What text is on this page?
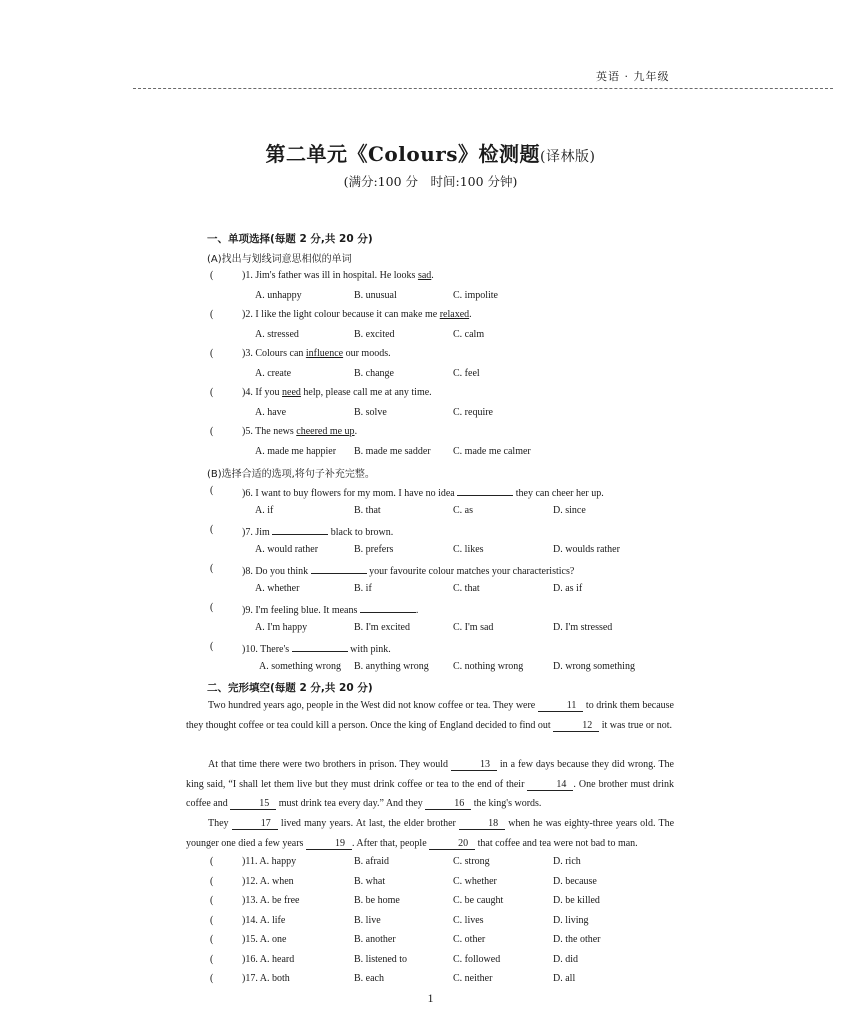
英语 · 九年级
第二单元《Colours》检测题(译林版)
(满分:100 分　时间:100 分钟)
一、单项选择(每题 2 分,共 20 分)
(A)找出与划线词意思相似的单词
(	)1. Jim's father was ill in hospital. He looks sad.
A. unhappy	B. unusual	C. impolite
(	)2. I like the light colour because it can make me relaxed.
A. stressed	B. excited	C. calm
(	)3. Colours can influence our moods.
A. create	B. change	C. feel
(	)4. If you need help, please call me at any time.
A. have	B. solve	C. require
(	)5. The news cheered me up.
A. made me happier B. made me sadder C. made me calmer
(B)选择合适的选项,将句子补充完整。
(	)6. I want to buy flowers for my mom. I have no idea	they can cheer her up.
A. if	B. that	C. as	D. since
(	)7. Jim	black to brown.
A. would rather	B. prefers	C. likes	D. woulds rather
(	)8. Do you think	your favourite colour matches your characteristics?
A. whether	B. if	C. that	D. as if
(	)9. I'm feeling blue. It means	.
A. I'm happy	B. I'm excited	C. I'm sad	D. I'm stressed
(	)10. There's	with pink.
A. something wrong B. anything wrong C. nothing wrong	D. wrong something
二、完形填空(每题 2 分,共 20 分)

Two hundred years ago, people in the West did not know coffee or tea. They were	11 to drink them because they thought coffee or tea could kill a person. Once the king of England decided to find out	12 it was true or not.

At that time there were two brothers in prison. They would	13 in a few days because they did wrong. The king said, “I shall let them live but they must drink coffee or tea to the end of their	14 . One brother must drink coffee and	15 must drink tea every day.” And they	16 the king's words.

They	17 lived many years. At last, the elder brother	18 when he was eighty-three years old. The younger one died a few years	19 . After that, people	20 that coffee and tea were not bad to man.

(	)11. A. happy	B. afraid	C. strong	D. rich
(	)12. A. when	B. what	C. whether	D. because
(	)13. A. be free	B. be home	C. be caught	D. be killed
(	)14. A. life	B. live	C. lives	D. living
(	)15. A. one	B. another	C. other	D. the other
(	)16. A. heard	B. listened to	C. followed	D. did
(	)17. A. both	B. each	C. neither	D. all
1
